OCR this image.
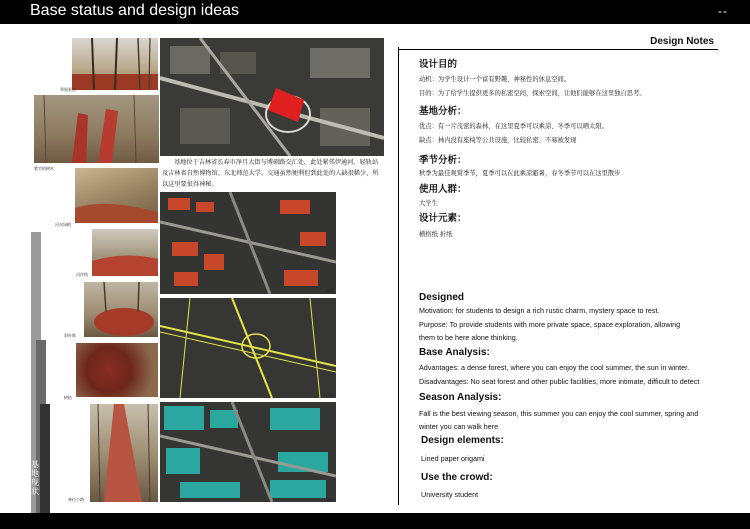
Base status and design ideas	--
基地现状
季间景点
紫竹的树木
河水绿植
河岸线
斜叶堆
树枯
林径小路
基地位于吉林省长春市净月大街与博硕路交汇处，此处紧邻伊通河、轻轨站及吉林省自然博物馆、东北师范大学。交通虽然便利但到此处的人缺很稀少，所以这里要很得神秘。
建筑
道路
绿化
Design Notes
设计目的
动机：为学生设计一个富有野趣、神秘性的休息空间。
目的：为了给学生提供更多的私密空间，探索空间，让他们能够在这里独自思考。
基地分析：
优点：有一片茂密的森林，在这里夏季可以乘凉、冬季可以晒太阳。
缺点：林内没有座椅等公共设施，比较私密、不易被发现
季节分析：
秋季为最佳观赏季节，夏季可以在此乘凉避暑，春冬季节可以在这里散步
使用人群：
大学生
设计元素：
横格纸 折纸
Designed
Motivation: for students to design a rich rustic charm, mystery space to rest.
Purpose: To provide students with more private space, space exploration, allowing
them to be here alone thinking.
Base Analysis:
Advantages: a dense forest, where you can enjoy the cool summer, the sun in winter.
Disadvantages: No seat forest and other public facilities, more intimate, difficult to detect
Season Analysis:
Fall is the best viewing season, this summer you can enjoy the cool summer, spring and
winter you can walk here
Design elements:
Lined paper origami
Use the crowd:
University student
